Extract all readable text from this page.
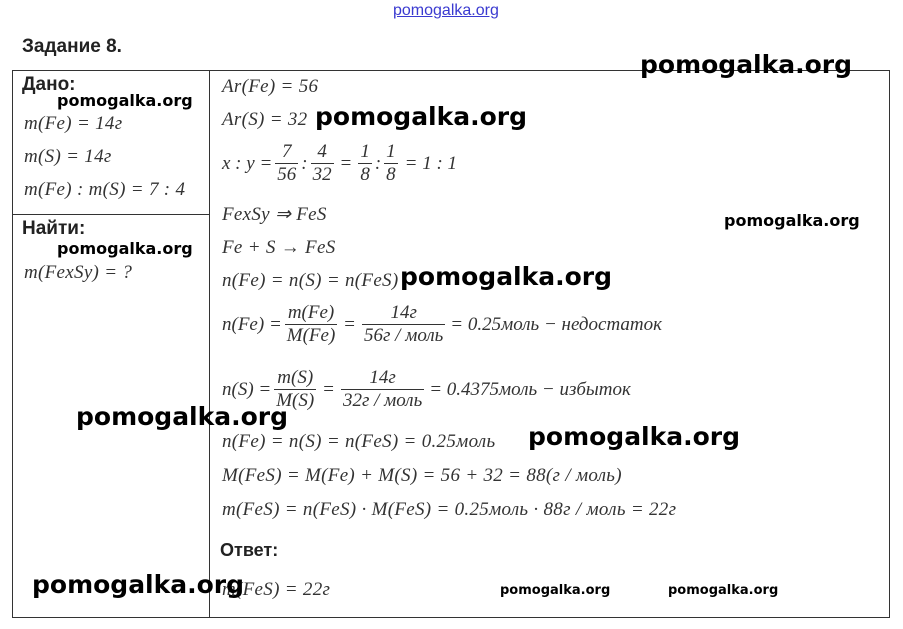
pomogalka.org
Задание 8.
Дано:
m(Fe) = 14г
m(S) = 14г
m(Fe) : m(S) = 7 : 4
Найти:
m(FexSy) = ?
Ar(Fe) = 56
Ar(S) = 32
x : $y = \frac{7}{56}$ : $\frac{4}{32} = \frac{1}{8}$ : $\frac{1}{8} = 1$ : 1
FexSy ⇒ FeS
Fe + S → FeS
n(Fe) = n(S) = n(FeS)
$n(Fe) = \frac{m(Fe)}{M(Fe)} = \frac{14г}{\text{56г / моль}}$ = 0.25моль − недостаток
$n(S) = \frac{m(S)}{M(S)} = \frac{14г}{\text{32г / моль}}$ = 0.4375моль − избыток
n(Fe) = n(S) = n(FeS) = 0.25моль
M(FeS) = M(Fe) + M(S) = 56 + 32 = 88(г / моль)
m(FeS) = n(FeS) · M(FeS) = 0.25моль · 88г / моль = 22г
Ответ:
m(FeS) = 22г
pomogalka.org
pomogalka.org
pomogalka.org
pomogalka.org
pomogalka.org
pomogalka.org
pomogalka.org
pomogalka.org
pomogalka.org	pomogalka.org	pomogalka.org
